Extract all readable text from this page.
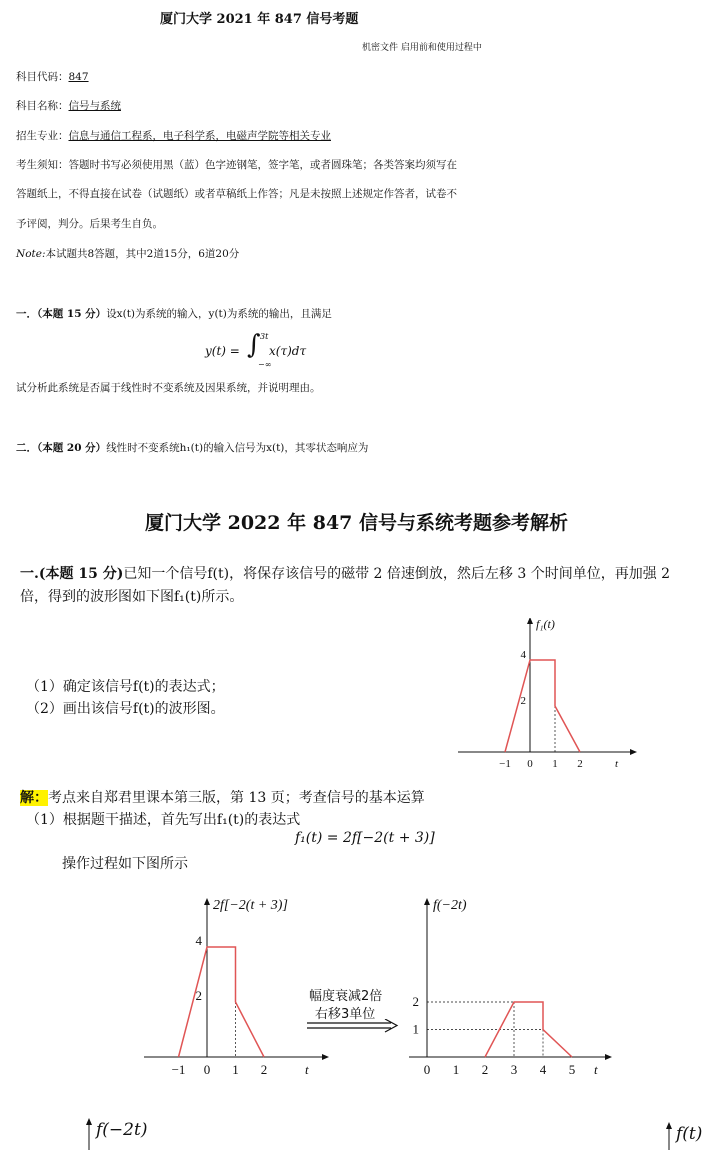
厦门大学 2021 年 847 信号考题
机密文件 启用前和使用过程中
科目代码：847
科目名称：信号与系统
招生专业：信息与通信工程系，电子科学系，电磁声学院等相关专业
考生须知：答题时书写必须使用黑（蓝）色字迹钢笔，签字笔，或者圆珠笔；各类答案均须写在
答题纸上，不得直接在试卷（试题纸）或者草稿纸上作答；凡是未按照上述规定作答者，试卷不
予评阅，判分。后果考生自负。
Note:本试题共8答题，其中2道15分，6道20分
一．（本题 15 分）设x(t)为系统的输入，y(t)为系统的输出，且满足
y(t) = ∫ 3t
−∞
x(τ)dτ
试分析此系统是否属于线性时不变系统及因果系统，并说明理由。
二．（本题 20 分）线性时不变系统h₁(t)的输入信号为x(t)，其零状态响应为
厦门大学 2022 年 847 信号与系统考题参考解析
一.(本题 15 分)已知一个信号f(t)，将保存该信号的磁带 2 倍速倒放，然后左移 3 个时间单位，再加强 2
倍，得到的波形图如下图f₁(t)所示。
（1）确定该信号f(t)的表达式；
（2）画出该信号f(t)的波形图。
−1 0 1 2
4
2
f₁(t)
t
解：考点来自郑君里课本第三版，第 13 页；考查信号的基本运算
（1）根据题干描述，首先写出f₁(t)的表达式
f₁(t) = 2f[−2(t + 3)]
操作过程如下图所示
−1 0 1 2
4
2
2f[−2(t + 3)]
t
幅度衰减2倍
右移3单位
0 1 2 3 4 5
2
1
f(−2t)
t
f(−2t)	f(t)
